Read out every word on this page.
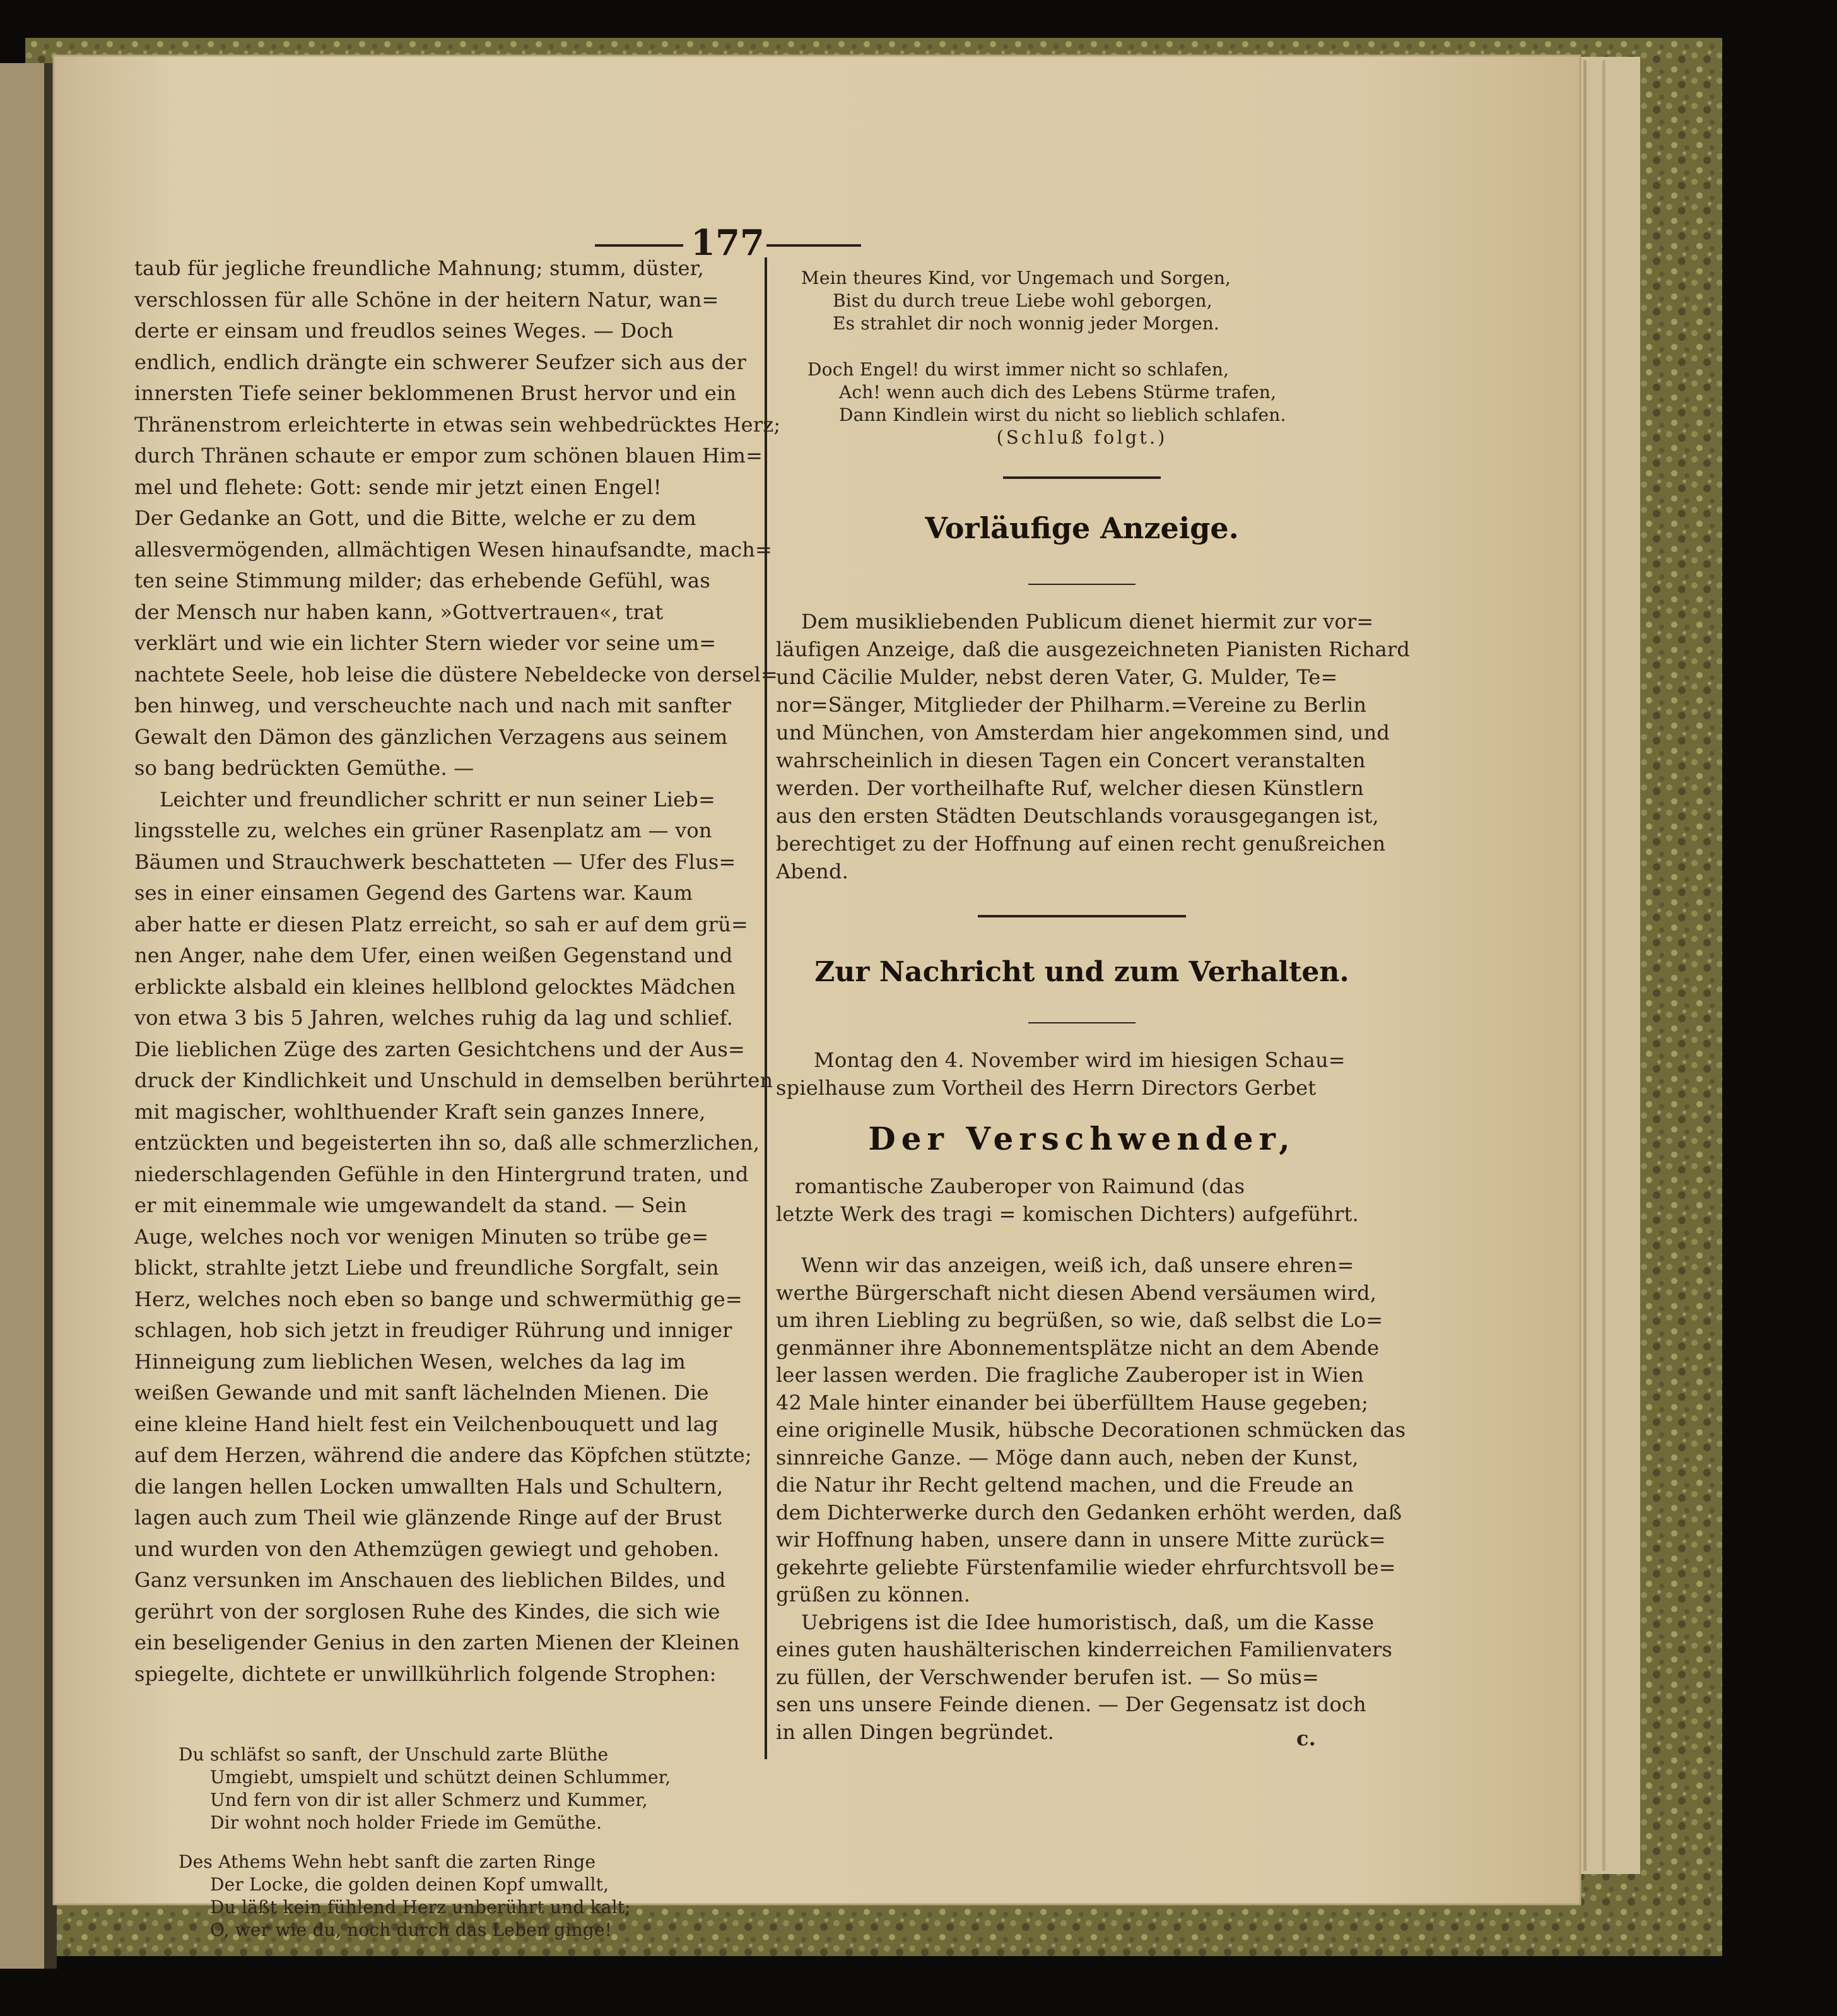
177
taub für jegliche freundliche Mahnung; stumm, düster,
verschlossen für alle Schöne in der heitern Natur, wan=
derte er einsam und freudlos seines Weges. — Doch
endlich, endlich drängte ein schwerer Seufzer sich aus der
innersten Tiefe seiner beklommenen Brust hervor und ein
Thränenstrom erleichterte in etwas sein wehbedrücktes Herz;
durch Thränen schaute er empor zum schönen blauen Him=
mel und flehete: Gott: sende mir jetzt einen Engel!
Der Gedanke an Gott, und die Bitte, welche er zu dem
allesvermögenden, allmächtigen Wesen hinaufsandte, mach=
ten seine Stimmung milder; das erhebende Gefühl, was
der Mensch nur haben kann, »Gottvertrauen«, trat
verklärt und wie ein lichter Stern wieder vor seine um=
nachtete Seele, hob leise die düstere Nebeldecke von dersel=
ben hinweg, und verscheuchte nach und nach mit sanfter
Gewalt den Dämon des gänzlichen Verzagens aus seinem
so bang bedrückten Gemüthe. —
Leichter und freundlicher schritt er nun seiner Lieb=
lingsstelle zu, welches ein grüner Rasenplatz am — von
Bäumen und Strauchwerk beschatteten — Ufer des Flus=
ses in einer einsamen Gegend des Gartens war. Kaum
aber hatte er diesen Platz erreicht, so sah er auf dem grü=
nen Anger, nahe dem Ufer, einen weißen Gegenstand und
erblickte alsbald ein kleines hellblond gelocktes Mädchen
von etwa 3 bis 5 Jahren, welches ruhig da lag und schlief.
Die lieblichen Züge des zarten Gesichtchens und der Aus=
druck der Kindlichkeit und Unschuld in demselben berührten
mit magischer, wohlthuender Kraft sein ganzes Innere,
entzückten und begeisterten ihn so, daß alle schmerzlichen,
niederschlagenden Gefühle in den Hintergrund traten, und
er mit einemmale wie umgewandelt da stand. — Sein
Auge, welches noch vor wenigen Minuten so trübe ge=
blickt, strahlte jetzt Liebe und freundliche Sorgfalt, sein
Herz, welches noch eben so bange und schwermüthig ge=
schlagen, hob sich jetzt in freudiger Rührung und inniger
Hinneigung zum lieblichen Wesen, welches da lag im
weißen Gewande und mit sanft lächelnden Mienen. Die
eine kleine Hand hielt fest ein Veilchenbouquett und lag
auf dem Herzen, während die andere das Köpfchen stützte;
die langen hellen Locken umwallten Hals und Schultern,
lagen auch zum Theil wie glänzende Ringe auf der Brust
und wurden von den Athemzügen gewiegt und gehoben.
Ganz versunken im Anschauen des lieblichen Bildes, und
gerührt von der sorglosen Ruhe des Kindes, die sich wie
ein beseligender Genius in den zarten Mienen der Kleinen
spiegelte, dichtete er unwillkührlich folgende Strophen:
Du schläfst so sanft, der Unschuld zarte Blüthe
Umgiebt, umspielt und schützt deinen Schlummer,
Und fern von dir ist aller Schmerz und Kummer,
Dir wohnt noch holder Friede im Gemüthe.
Des Athems Wehn hebt sanft die zarten Ringe
Der Locke, die golden deinen Kopf umwallt,
Du läßt kein fühlend Herz unberührt und kalt;
O, wer wie du, noch durch das Leben ginge!
Mein theures Kind, vor Ungemach und Sorgen,
Bist du durch treue Liebe wohl geborgen,
Es strahlet dir noch wonnig jeder Morgen.
Doch Engel! du wirst immer nicht so schlafen,
Ach! wenn auch dich des Lebens Stürme trafen,
Dann Kindlein wirst du nicht so lieblich schlafen.
(Schluß folgt.)
Vorläufige Anzeige.
Dem musikliebenden Publicum dienet hiermit zur vor=
läufigen Anzeige, daß die ausgezeichneten Pianisten Richard
und Cäcilie Mulder, nebst deren Vater, G. Mulder, Te=
nor=Sänger, Mitglieder der Philharm.=Vereine zu Berlin
und München, von Amsterdam hier angekommen sind, und
wahrscheinlich in diesen Tagen ein Concert veranstalten
werden. Der vortheilhafte Ruf, welcher diesen Künstlern
aus den ersten Städten Deutschlands vorausgegangen ist,
berechtiget zu der Hoffnung auf einen recht genußreichen
Abend.
Zur Nachricht und zum Verhalten.
Montag den 4. November wird im hiesigen Schau=
spielhause zum Vortheil des Herrn Directors Gerbet
Der Verschwender,
romantische Zauberoper von Raimund (das
letzte Werk des tragi = komischen Dichters) aufgeführt.
Wenn wir das anzeigen, weiß ich, daß unsere ehren=
werthe Bürgerschaft nicht diesen Abend versäumen wird,
um ihren Liebling zu begrüßen, so wie, daß selbst die Lo=
genmänner ihre Abonnementsplätze nicht an dem Abende
leer lassen werden. Die fragliche Zauberoper ist in Wien
42 Male hinter einander bei überfülltem Hause gegeben;
eine originelle Musik, hübsche Decorationen schmücken das
sinnreiche Ganze. — Möge dann auch, neben der Kunst,
die Natur ihr Recht geltend machen, und die Freude an
dem Dichterwerke durch den Gedanken erhöht werden, daß
wir Hoffnung haben, unsere dann in unsere Mitte zurück=
gekehrte geliebte Fürstenfamilie wieder ehrfurchtsvoll be=
grüßen zu können.
Uebrigens ist die Idee humoristisch, daß, um die Kasse
eines guten haushälterischen kinderreichen Familienvaters
zu füllen, der Verschwender berufen ist. — So müs=
sen uns unsere Feinde dienen. — Der Gegensatz ist doch
in allen Dingen begründet.	c.
